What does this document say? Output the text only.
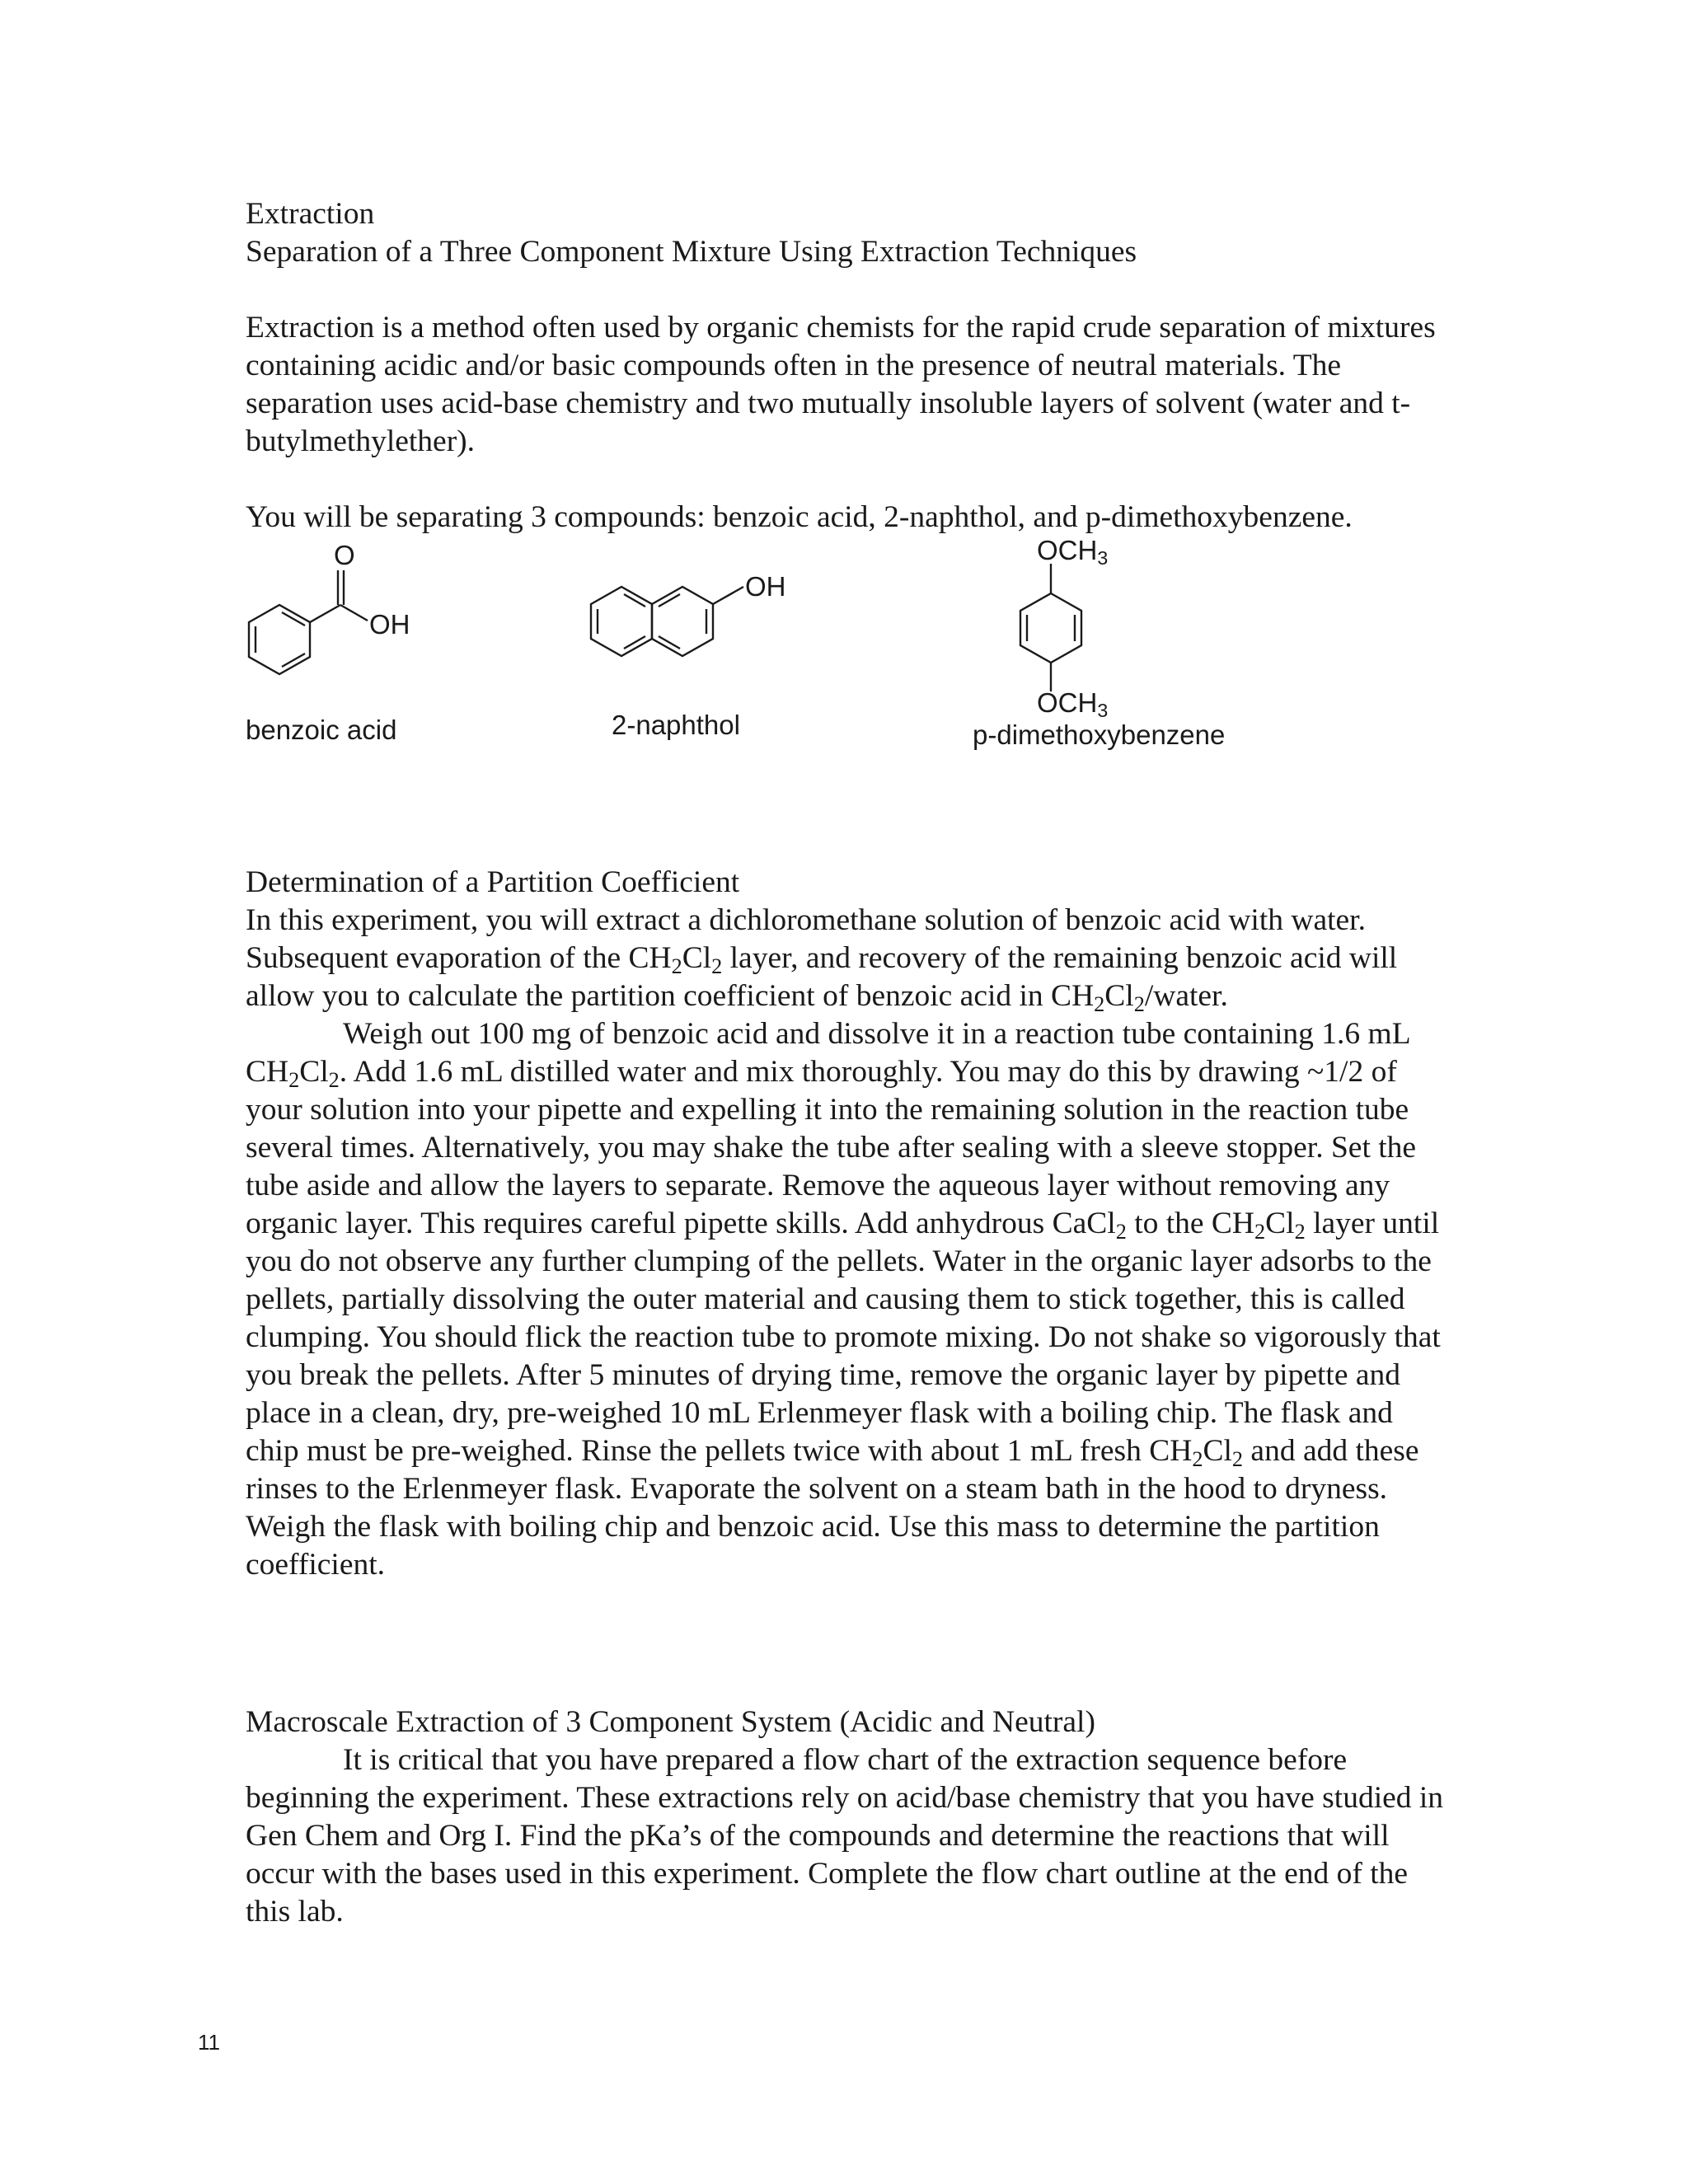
Extraction
Separation of a Three Component Mixture Using Extraction Techniques

Extraction is a method often used by organic chemists for the rapid crude separation of mixtures containing acidic and/or basic compounds often in the presence of neutral materials. The separation uses acid-base chemistry and two mutually insoluble layers of solvent (water and t-butylmethylether).

You will be separating 3 compounds: benzoic acid, 2-naphthol, and p-dimethoxybenzene.

O
OH
benzoic acid
OH
2-naphthol
$OCH_3$
$OCH_3$
p-dimethoxybenzene
Determination of a Partition Coefficient
In this experiment, you will extract a dichloromethane solution of benzoic acid with water. Subsequent evaporation of the $CH_2Cl_2$ layer, and recovery of the remaining benzoic acid will allow you to calculate the partition coefficient of benzoic acid in $CH_2Cl_2$/water.
Weigh out 100 mg of benzoic acid and dissolve it in a reaction tube containing 1.6 mL $CH_2Cl_2$. Add 1.6 mL distilled water and mix thoroughly. You may do this by drawing ~1/2 of your solution into your pipette and expelling it into the remaining solution in the reaction tube several times. Alternatively, you may shake the tube after sealing with a sleeve stopper. Set the tube aside and allow the layers to separate. Remove the aqueous layer without removing any organic layer. This requires careful pipette skills. Add anhydrous CaCl$_2$ to the $CH_2Cl_2$ layer until you do not observe any further clumping of the pellets. Water in the organic layer adsorbs to the pellets, partially dissolving the outer material and causing them to stick together, this is called clumping. You should flick the reaction tube to promote mixing. Do not shake so vigorously that you break the pellets. After 5 minutes of drying time, remove the organic layer by pipette and place in a clean, dry, pre-weighed 10 mL Erlenmeyer flask with a boiling chip. The flask and chip must be pre-weighed. Rinse the pellets twice with about 1 mL fresh $CH_2Cl_2$ and add these rinses to the Erlenmeyer flask. Evaporate the solvent on a steam bath in the hood to dryness. Weigh the flask with boiling chip and benzoic acid. Use this mass to determine the partition coefficient.
Macroscale Extraction of 3 Component System (Acidic and Neutral)
It is critical that you have prepared a flow chart of the extraction sequence before beginning the experiment. These extractions rely on acid/base chemistry that you have studied in Gen Chem and Org I. Find the pKa’s of the compounds and determine the reactions that will occur with the bases used in this experiment. Complete the flow chart outline at the end of the this lab.
11
